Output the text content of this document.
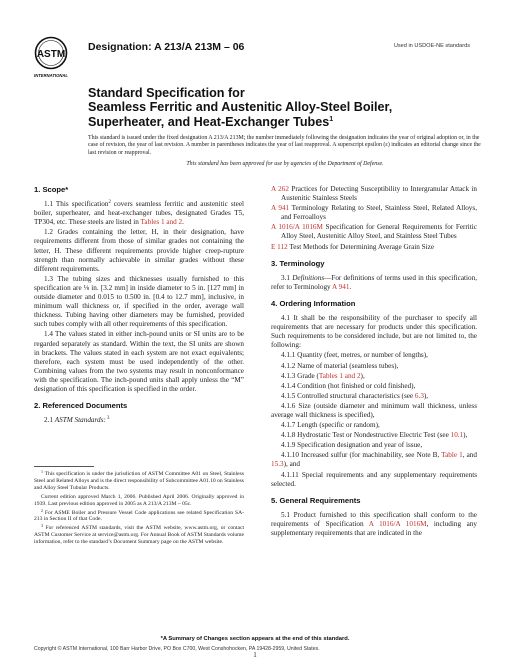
ASTM
INTERNATIONAL
Designation: A 213/A 213M – 06	Used in USDOE-NE standards
Standard Specification for
Seamless Ferritic and Austenitic Alloy-Steel Boiler,
Superheater, and Heat-Exchanger Tubes$^1$

This standard is issued under the fixed designation A 213/A 213M; the number immediately following the designation indicates the year of original adoption or, in the case of revision, the year of last revision. A number in parentheses indicates the year of last reapproval. A superscript epsilon (ε) indicates an editorial change since the last revision or reapproval.

This standard has been approved for use by agencies of the Department of Defense.

1. Scope*

1.1 This specification$^2$ covers seamless ferritic and austenitic steel boiler, superheater, and heat-exchanger tubes, designated Grades T5, TP304, etc. These steels are listed in Tables 1 and 2.

1.2 Grades containing the letter, H, in their designation, have requirements different from those of similar grades not containing the letter, H. These different requirements provide higher creep-rupture strength than normally achievable in similar grades without these different requirements.

1.3 The tubing sizes and thicknesses usually furnished to this specification are ⅛ in. [3.2 mm] in inside diameter to 5 in. [127 mm] in outside diameter and 0.015 to 0.500 in. [0.4 to 12.7 mm], inclusive, in minimum wall thickness or, if specified in the order, average wall thickness. Tubing having other diameters may be furnished, provided such tubes comply with all other requirements of this specification.

1.4 The values stated in either inch-pound units or SI units are to be regarded separately as standard. Within the text, the SI units are shown in brackets. The values stated in each system are not exact equivalents; therefore, each system must be used independently of the other. Combining values from the two systems may result in nonconformance with the specification. The inch-pound units shall apply unless the “M” designation of this specification is specified in the order.

2. Referenced Documents

2.1 ASTM Standards: $^3$

$^1$ This specification is under the jurisdiction of ASTM Committee A01 on Steel, Stainless Steel and Related Alloys and is the direct responsibility of Subcommittee A01.10 on Stainless and Alloy Steel Tubular Products.

Current edition approved March 1, 2006. Published April 2006. Originally approved in 1939. Last previous edition approved in 2005 as A 213/A 213M – 05c.

$^2$ For ASME Boiler and Pressure Vessel Code applications see related Specification SA-213 in Section II of that Code.

$^3$ For referenced ASTM standards, visit the ASTM website, www.astm.org, or contact ASTM Customer Service at service@astm.org. For Annual Book of ASTM Standards volume information, refer to the standard’s Document Summary page on the ASTM website.

A 262 Practices for Detecting Susceptibility to Intergranular Attack in Austenitic Stainless Steels

A 941 Terminology Relating to Steel, Stainless Steel, Related Alloys, and Ferroalloys

A 1016/A 1016M Specification for General Requirements for Ferritic Alloy Steel, Austenitic Alloy Steel, and Stainless Steel Tubes

E 112 Test Methods for Determining Average Grain Size

3. Terminology

3.1 Definitions—For definitions of terms used in this specification, refer to Terminology A 941.

4. Ordering Information

4.1 It shall be the responsibility of the purchaser to specify all requirements that are necessary for products under this specification. Such requirements to be considered include, but are not limited to, the following:

4.1.1 Quantity (feet, metres, or number of lengths),

4.1.2 Name of material (seamless tubes),

4.1.3 Grade (Tables 1 and 2),

4.1.4 Condition (hot finished or cold finished),

4.1.5 Controlled structural characteristics (see 6.3),

4.1.6 Size (outside diameter and minimum wall thickness, unless average wall thickness is specified),

4.1.7 Length (specific or random),

4.1.8 Hydrostatic Test or Nondestructive Electric Test (see 10.1),

4.1.9 Specification designation and year of issue,

4.1.10 Increased sulfur (for machinability, see Note B, Table 1, and 15.3), and

4.1.11 Special requirements and any supplementary requirements selected.

5. General Requirements

5.1 Product furnished to this specification shall conform to the requirements of Specification A 1016/A 1016M, including any supplementary requirements that are indicated in the

*A Summary of Changes section appears at the end of this standard.
Copyright © ASTM International, 100 Barr Harbor Drive, PO Box C700, West Conshohocken, PA 19428-2959, United States.
1
